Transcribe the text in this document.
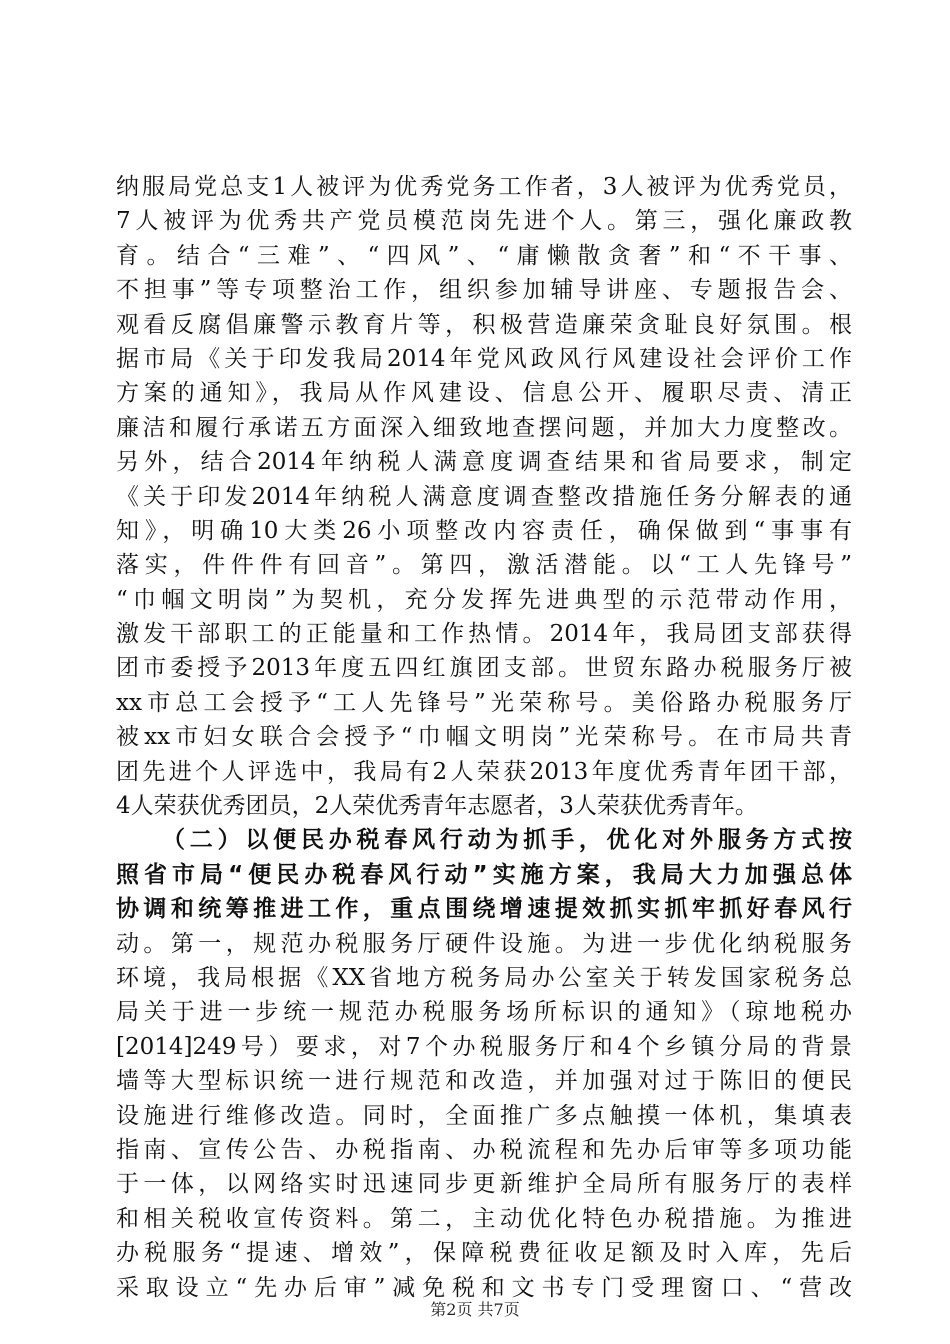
纳服局党总支1人被评为优秀党务工作者，3人被评为优秀党员，
7人被评为优秀共产党员模范岗先进个人。第三，强化廉政教
育。结合“三难”、“四风”、“庸懒散贪奢”和“不干事、
不担事”等专项整治工作，组织参加辅导讲座、专题报告会、
观看反腐倡廉警示教育片等，积极营造廉荣贪耻良好氛围。根
据市局《关于印发我局2014年党风政风行风建设社会评价工作
方案的通知》，我局从作风建设、信息公开、履职尽责、清正
廉洁和履行承诺五方面深入细致地查摆问题，并加大力度整改。
另外，结合2014年纳税人满意度调查结果和省局要求，制定
《关于印发2014年纳税人满意度调查整改措施任务分解表的通
知》，明确10大类26小项整改内容责任，确保做到“事事有
落实，件件件有回音”。第四，激活潜能。以“工人先锋号”
“巾帼文明岗”为契机，充分发挥先进典型的示范带动作用，
激发干部职工的正能量和工作热情。2014年，我局团支部获得
团市委授予2013年度五四红旗团支部。世贸东路办税服务厅被
xx市总工会授予“工人先锋号”光荣称号。美俗路办税服务厅
被xx市妇女联合会授予“巾帼文明岗”光荣称号。在市局共青
团先进个人评选中，我局有2人荣获2013年度优秀青年团干部，
4人荣获优秀团员，2人荣优秀青年志愿者，3人荣获优秀青年。
（二）以便民办税春风行动为抓手，优化对外服务方式按
照省市局“便民办税春风行动”实施方案，我局大力加强总体
协调和统筹推进工作，重点围绕增速提效抓实抓牢抓好春风行
动。第一，规范办税服务厅硬件设施。为进一步优化纳税服务
环境，我局根据《XX省地方税务局办公室关于转发国家税务总
局关于进一步统一规范办税服务场所标识的通知》（琼地税办
[2014]249号）要求，对7个办税服务厅和4个乡镇分局的背景
墙等大型标识统一进行规范和改造，并加强对过于陈旧的便民
设施进行维修改造。同时，全面推广多点触摸一体机，集填表
指南、宣传公告、办税指南、办税流程和先办后审等多项功能
于一体，以网络实时迅速同步更新维护全局所有服务厅的表样
和相关税收宣传资料。第二，主动优化特色办税措施。为推进
办税服务“提速、增效”，保障税费征收足额及时入库，先后
采取设立“先办后审”减免税和文书专门受理窗口、“营改
第2页 共7页
